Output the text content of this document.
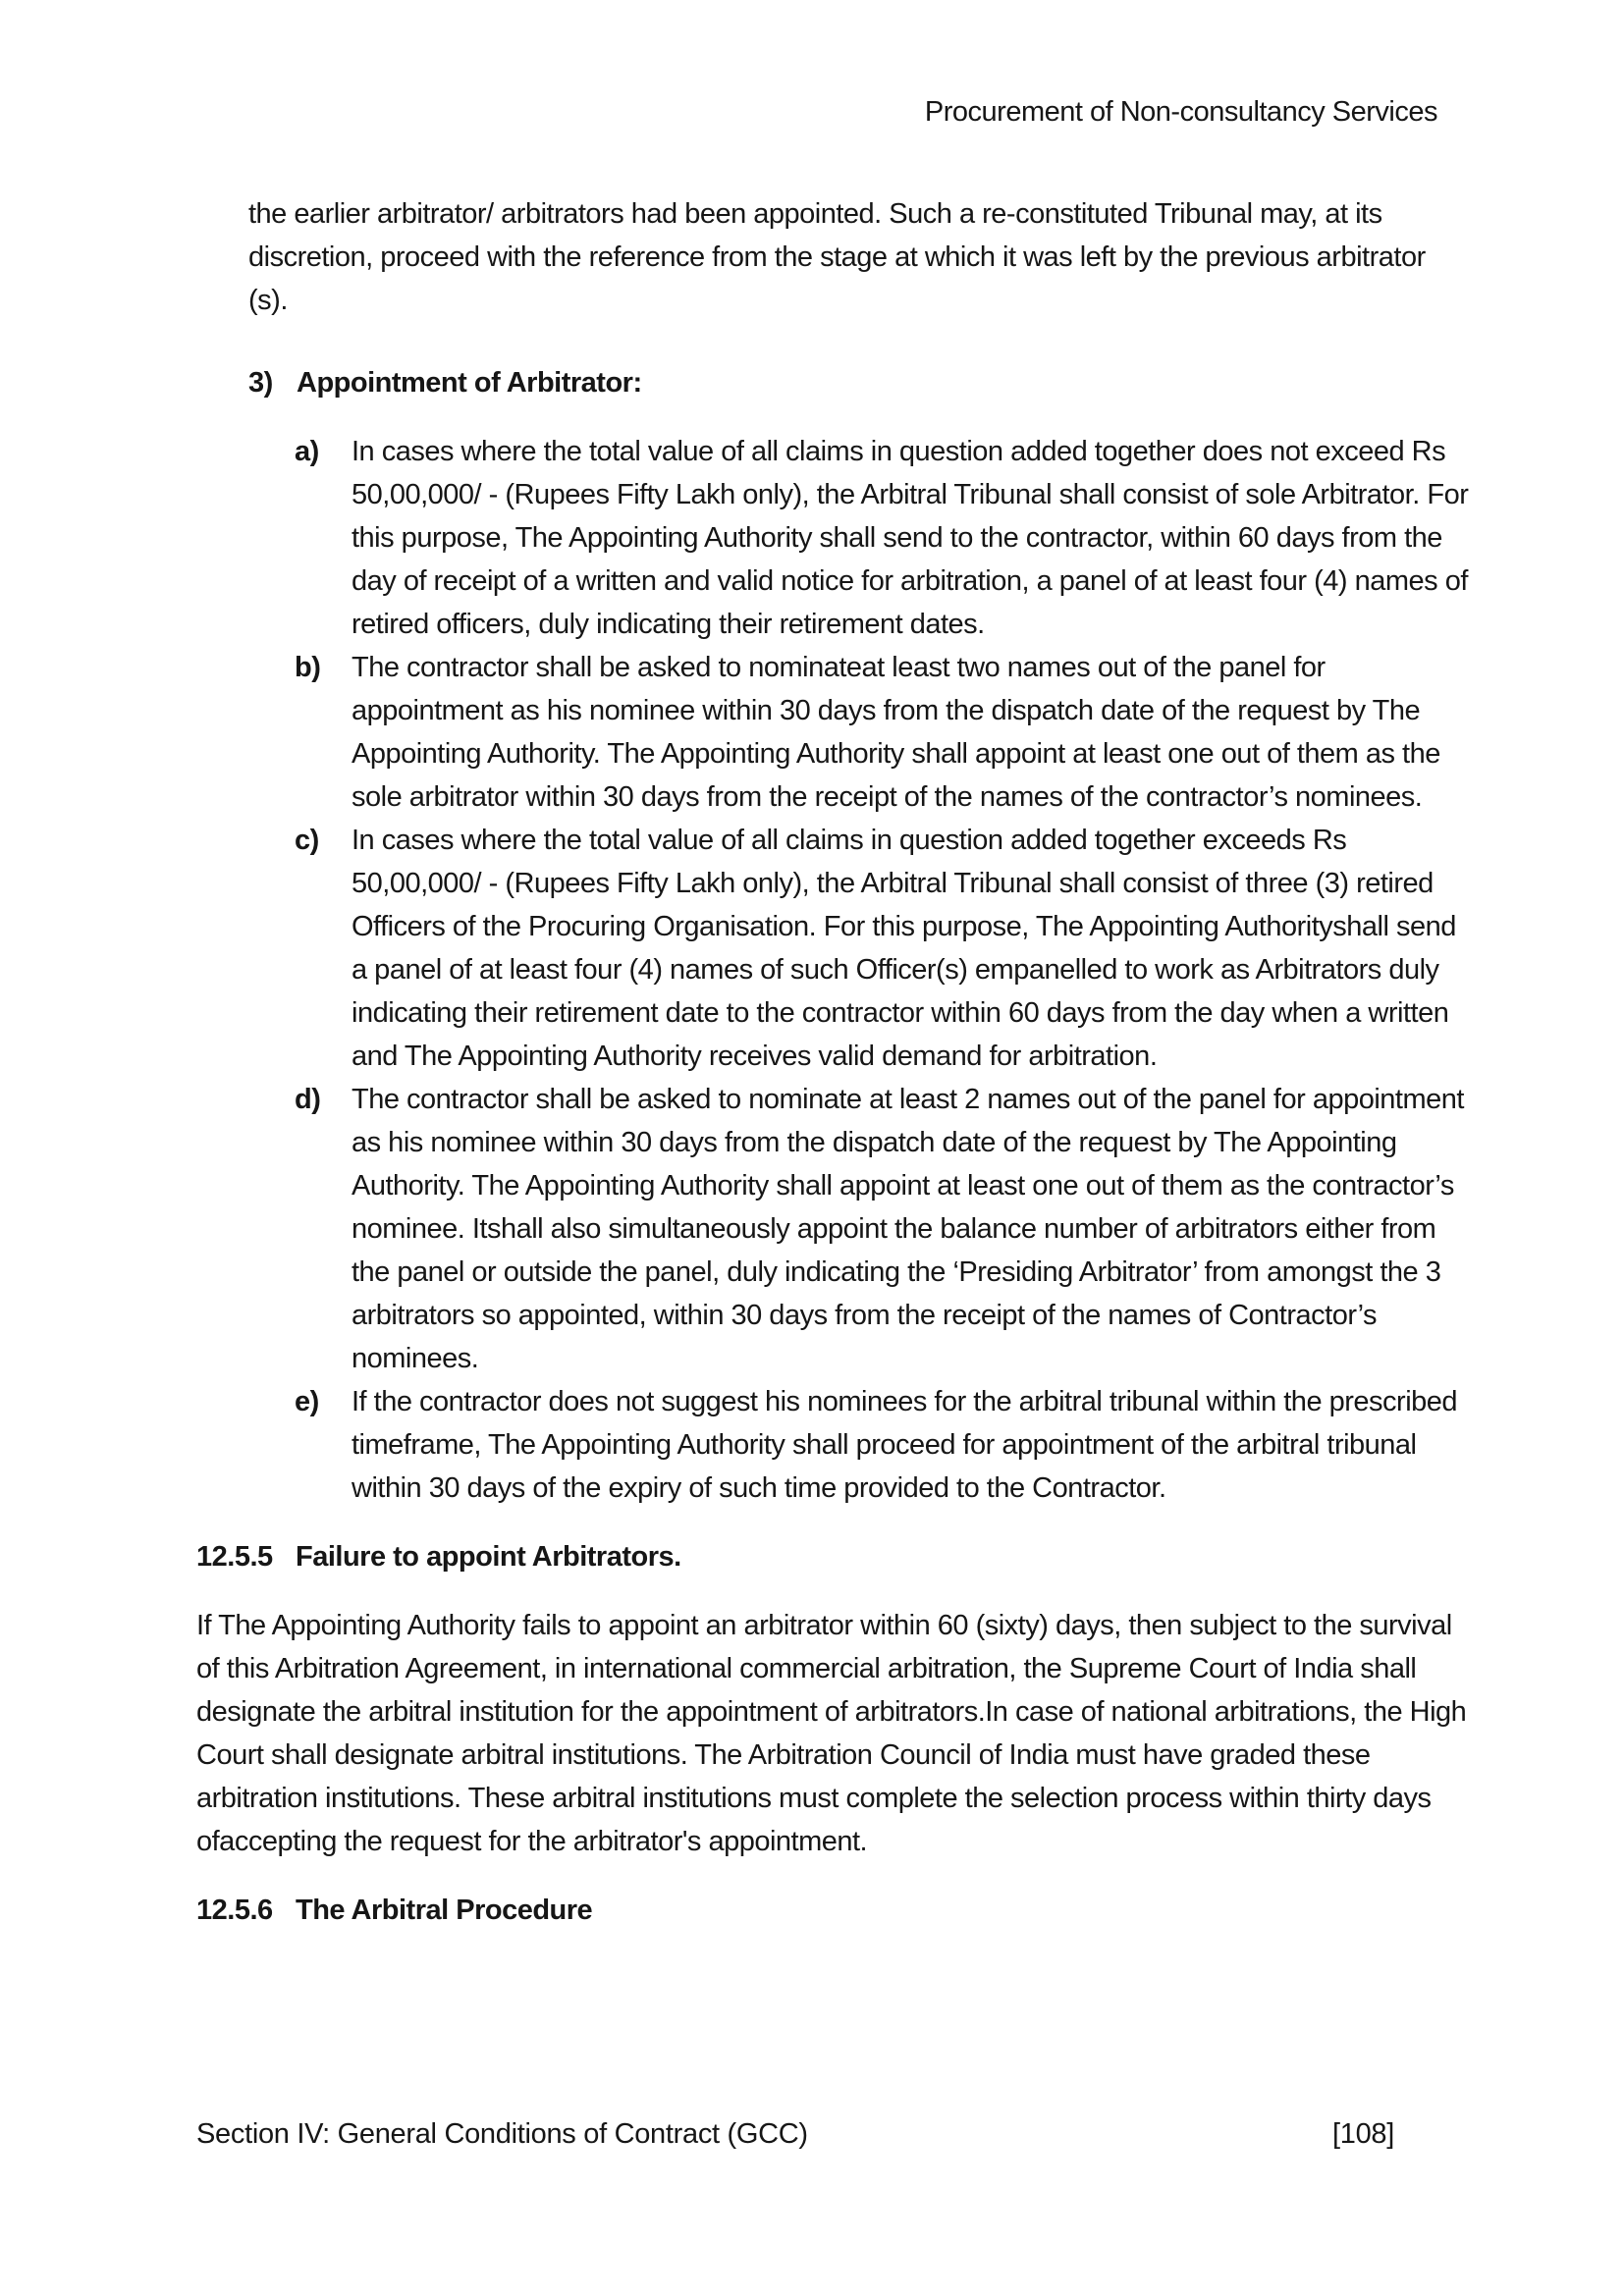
Procurement of Non-consultancy Services

the earlier arbitrator/ arbitrators had been appointed. Such a re-constituted Tribunal may, at its discretion, proceed with the reference from the stage at which it was left by the previous arbitrator (s).

3) Appointment of Arbitrator:
a)	In cases where the total value of all claims in question added together does not exceed Rs 50,00,000/ - (Rupees Fifty Lakh only), the Arbitral Tribunal shall consist of sole Arbitrator. For this purpose, The Appointing Authority shall send to the contractor, within 60 days from the day of receipt of a written and valid notice for arbitration, a panel of at least four (4) names of retired officers, duly indicating their retirement dates.
b)	The contractor shall be asked to nominateat least two names out of the panel for appointment as his nominee within 30 days from the dispatch date of the request by The Appointing Authority. The Appointing Authority shall appoint at least one out of them as the sole arbitrator within 30 days from the receipt of the names of the contractor’s nominees.
c)	In cases where the total value of all claims in question added together exceeds Rs 50,00,000/ - (Rupees Fifty Lakh only), the Arbitral Tribunal shall consist of three (3) retired Officers of the Procuring Organisation. For this purpose, The Appointing Authorityshall send a panel of at least four (4) names of such Officer(s) empanelled to work as Arbitrators duly indicating their retirement date to the contractor within 60 days from the day when a written and The Appointing Authority receives valid demand for arbitration.
d)	The contractor shall be asked to nominate at least 2 names out of the panel for appointment as his nominee within 30 days from the dispatch date of the request by The Appointing Authority. The Appointing Authority shall appoint at least one out of them as the contractor’s nominee. Itshall also simultaneously appoint the balance number of arbitrators either from the panel or outside the panel, duly indicating the ‘Presiding Arbitrator’ from amongst the 3 arbitrators so appointed, within 30 days from the receipt of the names of Contractor’s nominees.
e)	If the contractor does not suggest his nominees for the arbitral tribunal within the prescribed timeframe, The Appointing Authority shall proceed for appointment of the arbitral tribunal within 30 days of the expiry of such time provided to the Contractor.
12.5.5 Failure to appoint Arbitrators.

If The Appointing Authority fails to appoint an arbitrator within 60 (sixty) days, then subject to the survival of this Arbitration Agreement, in international commercial arbitration, the Supreme Court of India shall designate the arbitral institution for the appointment of arbitrators.In case of national arbitrations, the High Court shall designate arbitral institutions. The Arbitration Council of India must have graded these arbitration institutions. These arbitral institutions must complete the selection process within thirty days ofaccepting the request for the arbitrator's appointment.

12.5.6 The Arbitral Procedure
Section IV: General Conditions of Contract (GCC)	[108]
